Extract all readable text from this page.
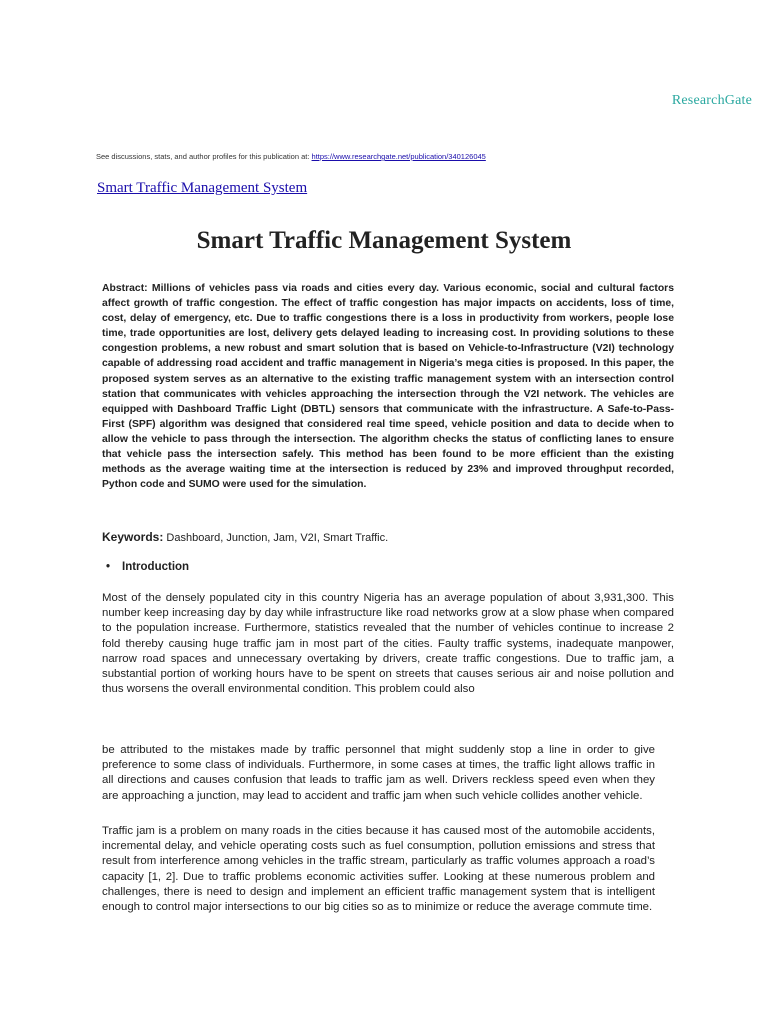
ResearchGate
See discussions, stats, and author profiles for this publication at: https://www.researchgate.net/publication/340126045
Smart Traffic Management System
Smart Traffic Management System
Abstract: Millions of vehicles pass via roads and cities every day. Various economic, social and cultural factors affect growth of traffic congestion. The effect of traffic congestion has major impacts on accidents, loss of time, cost, delay of emergency, etc. Due to traffic congestions there is a loss in productivity from workers, people lose time, trade opportunities are lost, delivery gets delayed leading to increasing cost. In providing solutions to these congestion problems, a new robust and smart solution that is based on Vehicle-to-Infrastructure (V2I) technology capable of addressing road accident and traffic management in Nigeria’s mega cities is proposed. In this paper, the proposed system serves as an alternative to the existing traffic management system with an intersection control station that communicates with vehicles approaching the intersection through the V2I network. The vehicles are equipped with Dashboard Traffic Light (DBTL) sensors that communicate with the infrastructure. A Safe-to-Pass-First (SPF) algorithm was designed that considered real time speed, vehicle position and data to decide when to allow the vehicle to pass through the intersection. The algorithm checks the status of conflicting lanes to ensure that vehicle pass the intersection safely. This method has been found to be more efficient than the existing methods as the average waiting time at the intersection is reduced by 23% and improved throughput recorded, Python code and SUMO were used for the simulation.
Keywords: Dashboard, Junction, Jam, V2I, Smart Traffic.
• Introduction
Most of the densely populated city in this country Nigeria has an average population of about 3,931,300. This number keep increasing day by day while infrastructure like road networks grow at a slow phase when compared to the population increase. Furthermore, statistics revealed that the number of vehicles continue to increase 2 fold thereby causing huge traffic jam in most part of the cities. Faulty traffic systems, inadequate manpower, narrow road spaces and unnecessary overtaking by drivers, create traffic congestions. Due to traffic jam, a substantial portion of working hours have to be spent on streets that causes serious air and noise pollution and thus worsens the overall environmental condition. This problem could also
be attributed to the mistakes made by traffic personnel that might suddenly stop a line in order to give preference to some class of individuals. Furthermore, in some cases at times, the traffic light allows traffic in all directions and causes confusion that leads to traffic jam as well. Drivers reckless speed even when they are approaching a junction, may lead to accident and traffic jam when such vehicle collides another vehicle.
Traffic jam is a problem on many roads in the cities because it has caused most of the automobile accidents, incremental delay, and vehicle operating costs such as fuel consumption, pollution emissions and stress that result from interference among vehicles in the traffic stream, particularly as traffic volumes approach a road’s capacity [1, 2]. Due to traffic problems economic activities suffer. Looking at these numerous problem and challenges, there is need to design and implement an efficient traffic management system that is intelligent enough to control major intersections to our big cities so as to minimize or reduce the average commute time.
